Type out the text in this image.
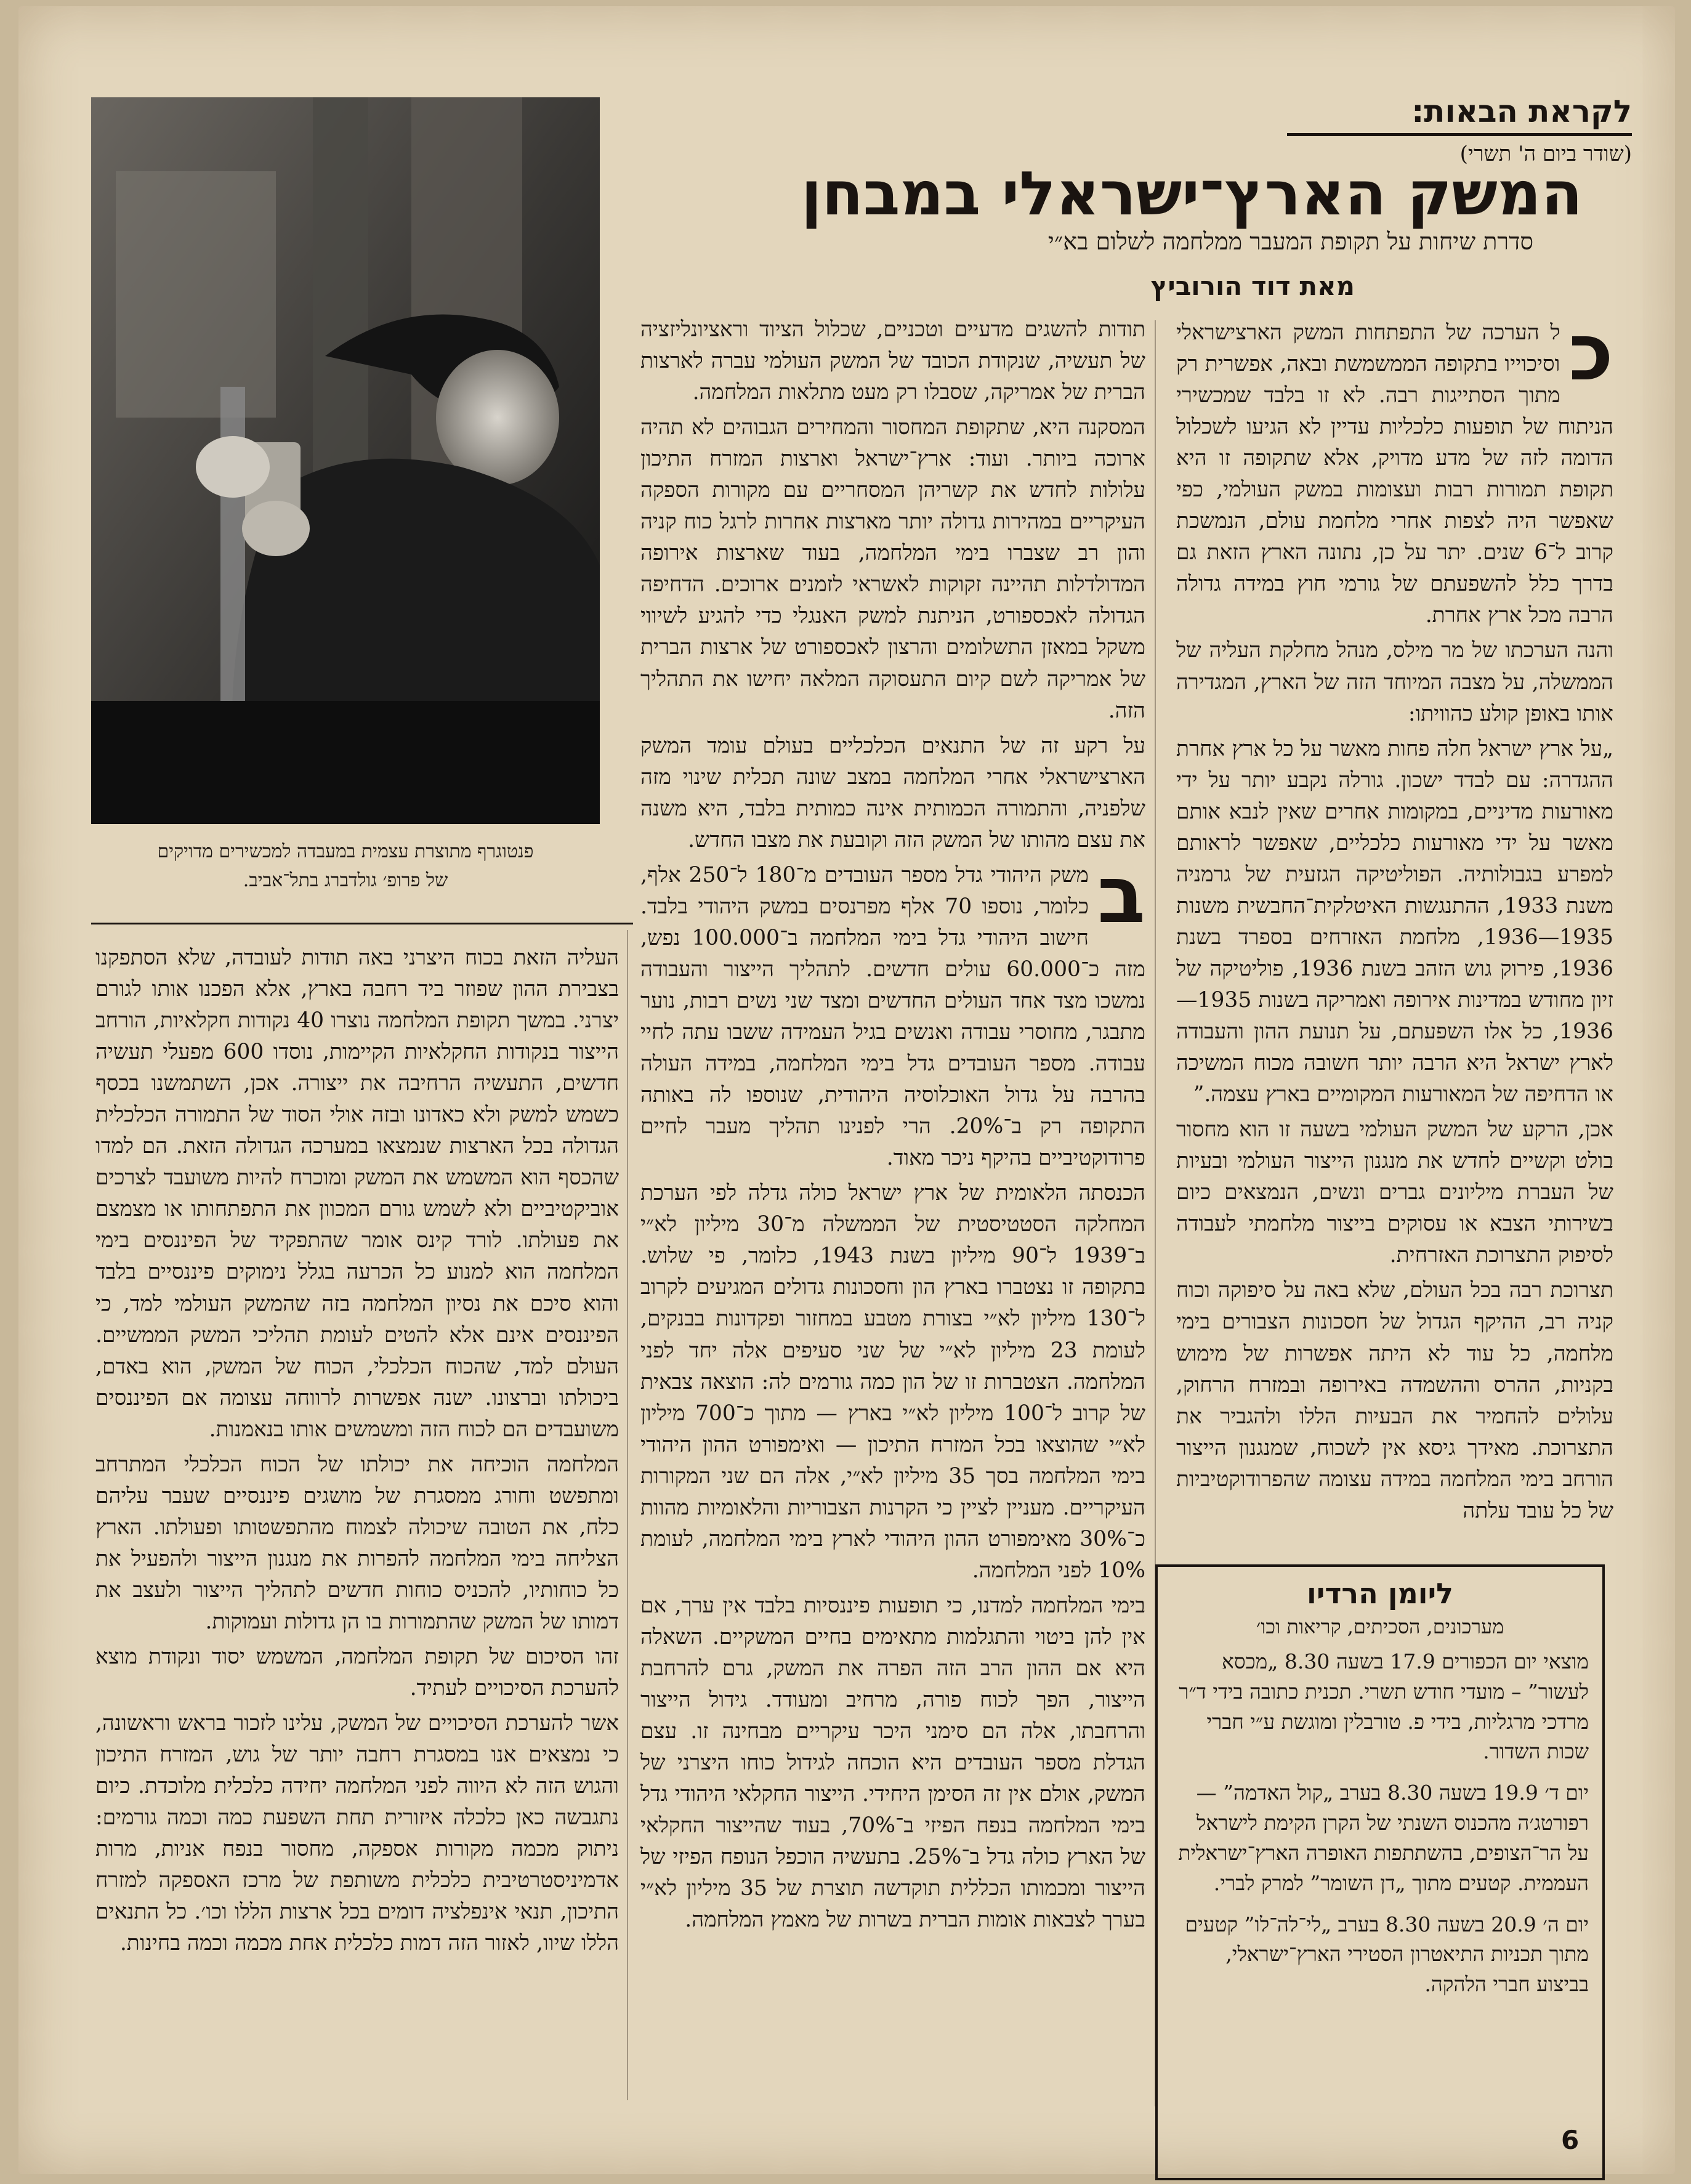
לקראת הבאות:
(שודר ביום ה' תשרי)
המשק הארץ־ישראלי במבחן
סדרת שיחות על תקופת המעבר ממלחמה לשלום בא״י
מאת דוד הורוביץ
פנטוגרף מתוצרת עצמית במעבדה למכשירים מדויקים
של פרופ׳ גולדברג בתל־אביב.

כ
ל הערכה של התפתחות המשק הארצישראלי וסיכוייו בתקופה הממשמשת ובאה, אפשרית רק מתוך הסתייגות רבה. לא זו בלבד שמכשירי הניתוח של תופעות כלכליות עדיין לא הגיעו לשכלול הדומה לזה של מדע מדויק, אלא שתקופה זו היא תקופת תמורות רבות ועצומות במשק העולמי, כפי שאפשר היה לצפות אחרי מלחמת עולם, הנמשכת קרוב ל־6 שנים. יתר על כן, נתונה הארץ הזאת גם בדרך כלל להשפעתם של גורמי חוץ במידה גדולה הרבה מכל ארץ אחרת.

והנה הערכתו של מר מילס, מנהל מחלקת העליה של הממשלה, על מצבה המיוחד הזה של הארץ, המגדירה אותו באופן קולע כהוויתו:

„על ארץ ישראל חלה פחות מאשר על כל ארץ אחרת ההגדרה: עם לבדד ישכון. גורלה נקבע יותר על ידי מאורעות מדיניים, במקומות אחרים שאין לנבא אותם מאשר על ידי מאורעות כלכליים, שאפשר לראותם למפרע בגבולותיה. הפוליטיקה הגזעית של גרמניה משנת 1933, ההתנגשות האיטלקית־החבשית משנות 1935—1936, מלחמת האזרחים בספרד בשנת 1936, פירוק גוש הזהב בשנת 1936, פוליטיקה של זיון מחודש במדינות אירופה ואמריקה בשנות 1935—1936, כל אלו השפעתם, על תנועת ההון והעבודה לארץ ישראל היא הרבה יותר חשובה מכוח המשיכה או הדחיפה של המאורעות המקומיים בארץ עצמה.”

אכן, הרקע של המשק העולמי בשעה זו הוא מחסור בולט וקשיים לחדש את מנגנון הייצור העולמי ובעיות של העברת מיליונים גברים ונשים, הנמצאים כיום בשירותי הצבא או עסוקים בייצור מלחמתי לעבודה לסיפוק התצרוכת האזרחית.

תצרוכת רבה בכל העולם, שלא באה על סיפוקה וכוח קניה רב, ההיקף הגדול של חסכונות הצבורים בימי מלחמה, כל עוד לא היתה אפשרות של מימוש בקניות, ההרס וההשמדה באירופה ובמזרח הרחוק, עלולים להחמיר את הבעיות הללו ולהגביר את התצרוכת. מאידך גיסא אין לשכוח, שמנגנון הייצור הורחב בימי המלחמה במידה עצומה שהפרודוקטיביות של כל עובד עלתה

תודות להשגים מדעיים וטכניים, שכלול הציוד וראציונליזציה של תעשיה, שנקודת הכובד של המשק העולמי עברה לארצות הברית של אמריקה, שסבלו רק מעט מתלאות המלחמה.

המסקנה היא, שתקופת המחסור והמחירים הגבוהים לא תהיה ארוכה ביותר. ועוד: ארץ־ישראל וארצות המזרח התיכון עלולות לחדש את קשריהן המסחריים עם מקורות הספקה העיקריים במהירות גדולה יותר מארצות אחרות לרגל כוח קניה והון רב שצברו בימי המלחמה, בעוד שארצות אירופה המדולדלות תהיינה זקוקות לאשראי לזמנים ארוכים. הדחיפה הגדולה לאכספורט, הניתנת למשק האנגלי כדי להגיע לשיווי משקל במאזן התשלומים והרצון לאכספורט של ארצות הברית של אמריקה לשם קיום התעסוקה המלאה יחישו את התהליך הזה.

על רקע זה של התנאים הכלכליים בעולם עומד המשק הארצישראלי אחרי המלחמה במצב שונה תכלית שינוי מזה שלפניה, והתמורה הכמותית אינה כמותית בלבד, היא משנה את עצם מהותו של המשק הזה וקובעת את מצבו החדש.

ב
משק היהודי גדל מספר העובדים מ־180 ל־250 אלף, כלומר, נוספו 70 אלף מפרנסים במשק היהודי בלבד. חישוב היהודי גדל בימי המלחמה ב־100.000 נפש, מזה כ־60.000 עולים חדשים. לתהליך הייצור והעבודה נמשכו מצד אחד העולים החדשים ומצד שני נשים רבות, נוער מתבגר, מחוסרי עבודה ואנשים בגיל העמידה ששבו עתה לחיי עבודה. מספר העובדים גדל בימי המלחמה, במידה העולה בהרבה על גדול האוכלוסיה היהודית, שנוספו לה באותה התקופה רק ב־20%. הרי לפנינו תהליך מעבר לחיים פרודוקטיביים בהיקף ניכר מאוד.

הכנסתה הלאומית של ארץ ישראל כולה גדלה לפי הערכת המחלקה הסטטיסטית של הממשלה מ־30 מיליון לא״י ב־1939 ל־90 מיליון בשנת 1943, כלומר, פי שלוש. בתקופה זו נצטברו בארץ הון וחסכונות גדולים המגיעים לקרוב ל־130 מיליון לא״י בצורת מטבע במחזור ופקדונות בבנקים, לעומת 23 מיליון לא״י של שני סעיפים אלה יחד לפני המלחמה. הצטברות זו של הון כמה גורמים לה: הוצאה צבאית של קרוב ל־100 מיליון לא״י בארץ — מתוך כ־700 מיליון לא״י שהוצאו בכל המזרח התיכון — ואימפורט ההון היהודי בימי המלחמה בסך 35 מיליון לא״י, אלה הם שני המקורות העיקריים. מעניין לציין כי הקרנות הצבוריות והלאומיות מהוות כ־30% מאימפורט ההון היהודי לארץ בימי המלחמה, לעומת 10% לפני המלחמה.

בימי המלחמה למדנו, כי תופעות פיננסיות בלבד אין ערך, אם אין להן ביטוי והתגלמות מתאימים בחיים המשקיים. השאלה היא אם ההון הרב הזה הפרה את המשק, גרם להרחבת הייצור, הפך לכוח פורה, מרחיב ומעודד. גידול הייצור והרחבתו, אלה הם סימני היכר עיקריים מבחינה זו. עצם הגדלת מספר העובדים היא הוכחה לגידול כוחו היצרני של המשק, אולם אין זה הסימן היחידי. הייצור החקלאי היהודי גדל בימי המלחמה בנפח הפיזי ב־70%, בעוד שהייצור החקלאי של הארץ כולה גדל ב־25%. בתעשיה הוכפל הנופח הפיזי של הייצור ומכמותו הכללית תוקדשה תוצרת של 35 מיליון לא״י בערך לצבאות אומות הברית בשרות של מאמץ המלחמה.

העליה הזאת בכוח היצרני באה תודות לעובדה, שלא הסתפקנו בצבירת ההון שפוזר ביד רחבה בארץ, אלא הפכנו אותו לגורם יצרני. במשך תקופת המלחמה נוצרו 40 נקודות חקלאיות, הורחב הייצור בנקודות החקלאיות הקיימות, נוסדו 600 מפעלי תעשיה חדשים, התעשיה הרחיבה את ייצורה. אכן, השתמשנו בכסף כשמש למשק ולא כאדונו ובזה אולי הסוד של התמורה הכלכלית הגדולה בכל הארצות שנמצאו במערכה הגדולה הזאת. הם למדו שהכסף הוא המשמש את המשק ומוכרח להיות משועבד לצרכים אוביקטיביים ולא לשמש גורם המכוון את התפתחותו או מצמצם את פעולתו. לורד קינס אומר שהתפקיד של הפיננסים בימי המלחמה הוא למנוע כל הכרעה בגלל נימוקים פיננסיים בלבד והוא סיכם את נסיון המלחמה בזה שהמשק העולמי למד, כי הפיננסים אינם אלא להטים לעומת תהליכי המשק הממשיים. העולם למד, שהכוח הכלכלי, הכוח של המשק, הוא באדם, ביכולתו וברצונו. ישנה אפשרות לרווחה עצומה אם הפיננסים משועבדים הם לכוח הזה ומשמשים אותו בנאמנות.

המלחמה הוכיחה את יכולתו של הכוח הכלכלי המתרחב ומתפשט וחורג ממסגרת של מושגים פיננסיים שעבר עליהם כלח, את הטובה שיכולה לצמוח מהתפשטותו ופעולתו. הארץ הצליחה בימי המלחמה להפרות את מנגנון הייצור ולהפעיל את כל כוחותיו, להכניס כוחות חדשים לתהליך הייצור ולעצב את דמותו של המשק שהתמורות בו הן גדולות ועמוקות.

זהו הסיכום של תקופת המלחמה, המשמש יסוד ונקודת מוצא להערכת הסיכויים לעתיד.

אשר להערכת הסיכויים של המשק, עלינו לזכור בראש וראשונה, כי נמצאים אנו במסגרת רחבה יותר של גוש, המזרח התיכון והגוש הזה לא היווה לפני המלחמה יחידה כלכלית מלוכדת. כיום נתגבשה כאן כלכלה איזורית תחת השפעת כמה וכמה גורמים: ניתוק מכמה מקורות אספקה, מחסור בנפח אניות, מרות אדמיניסטרטיבית כלכלית משותפת של מרכז האספקה למזרח התיכון, תנאי אינפלציה דומים בכל ארצות הללו וכו׳. כל התנאים הללו שיוו, לאזור הזה דמות כלכלית אחת מכמה וכמה בחינות.

ליומן הרדיו
מערכונים, הסכיתים, קריאות וכו׳
מוצאי יום הכפורים 17.9 בשעה 8.30 „מכסא לעשור” – מועדי חודש תשרי. תכנית כתובה בידי ד״ר מרדכי מרגליות, בידי פ. טורבלין ומוגשת ע״י חברי שכות השדור.
יום ד׳ 19.9 בשעה 8.30 בערב „קול האדמה” — רפורטג׳ה מהכנוס השנתי של הקרן הקימת לישראל על הר־הצופים, בהשתתפות האופרה הארץ־ישראלית העממית. קטעים מתוך „דן השומר” למרק לברי.
יום ה׳ 20.9 בשעה 8.30 בערב „לי־לה־לו” קטעים מתוך תכניות התיאטרון הסטירי הארץ־ישראלי, בביצוע חברי הלהקה.
6
